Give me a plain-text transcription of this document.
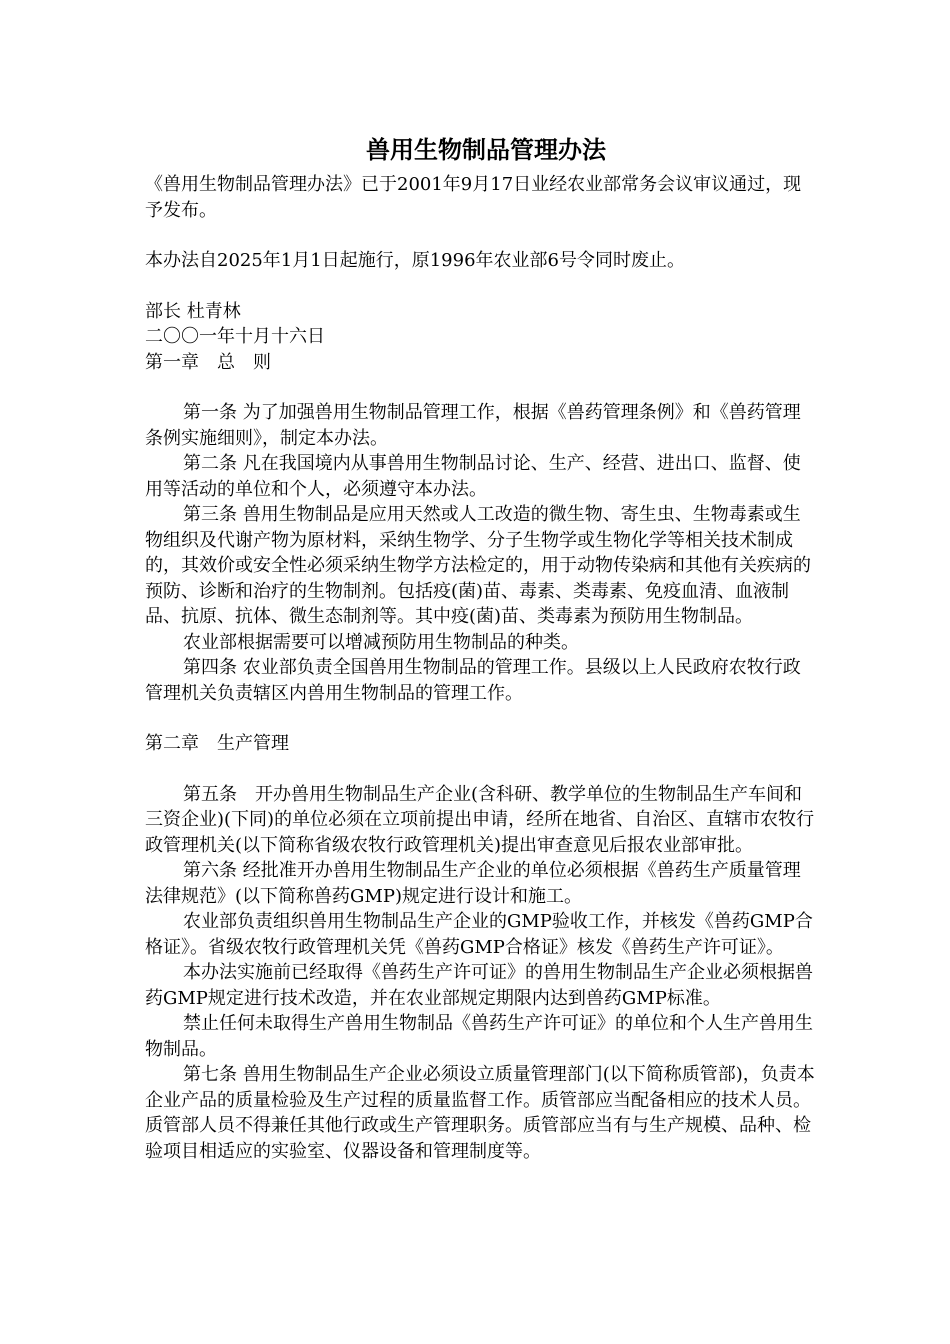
兽用生物制品管理办法

《兽用生物制品管理办法》已于2001年9月17日业经农业部常务会议审议通过，现予发布。

本办法自2025年1月1日起施行，原1996年农业部6号令同时废止。

部长 杜青林

二〇〇一年十月十六日

第一章　总　则

第一条 为了加强兽用生物制品管理工作，根据《兽药管理条例》和《兽药管理条例实施细则》，制定本办法。

第二条 凡在我国境内从事兽用生物制品讨论、生产、经营、进出口、监督、使用等活动的单位和个人，必须遵守本办法。

第三条 兽用生物制品是应用天然或人工改造的微生物、寄生虫、生物毒素或生物组织及代谢产物为原材料，采纳生物学、分子生物学或生物化学等相关技术制成的，其效价或安全性必须采纳生物学方法检定的，用于动物传染病和其他有关疾病的预防、诊断和治疗的生物制剂。包括疫(菌)苗、毒素、类毒素、免疫血清、血液制品、抗原、抗体、微生态制剂等。其中疫(菌)苗、类毒素为预防用生物制品。

农业部根据需要可以增减预防用生物制品的种类。

第四条 农业部负责全国兽用生物制品的管理工作。县级以上人民政府农牧行政管理机关负责辖区内兽用生物制品的管理工作。

第二章　生产管理

第五条　开办兽用生物制品生产企业(含科研、教学单位的生物制品生产车间和三资企业)(下同)的单位必须在立项前提出申请，经所在地省、自治区、直辖市农牧行政管理机关(以下简称省级农牧行政管理机关)提出审查意见后报农业部审批。

第六条 经批准开办兽用生物制品生产企业的单位必须根据《兽药生产质量管理法律规范》(以下简称兽药GMP)规定进行设计和施工。

农业部负责组织兽用生物制品生产企业的GMP验收工作，并核发《兽药GMP合格证》。省级农牧行政管理机关凭《兽药GMP合格证》核发《兽药生产许可证》。

本办法实施前已经取得《兽药生产许可证》的兽用生物制品生产企业必须根据兽药GMP规定进行技术改造，并在农业部规定期限内达到兽药GMP标准。

禁止任何未取得生产兽用生物制品《兽药生产许可证》的单位和个人生产兽用生物制品。

第七条 兽用生物制品生产企业必须设立质量管理部门(以下简称质管部)，负责本企业产品的质量检验及生产过程的质量监督工作。质管部应当配备相应的技术人员。质管部人员不得兼任其他行政或生产管理职务。质管部应当有与生产规模、品种、检验项目相适应的实验室、仪器设备和管理制度等。
